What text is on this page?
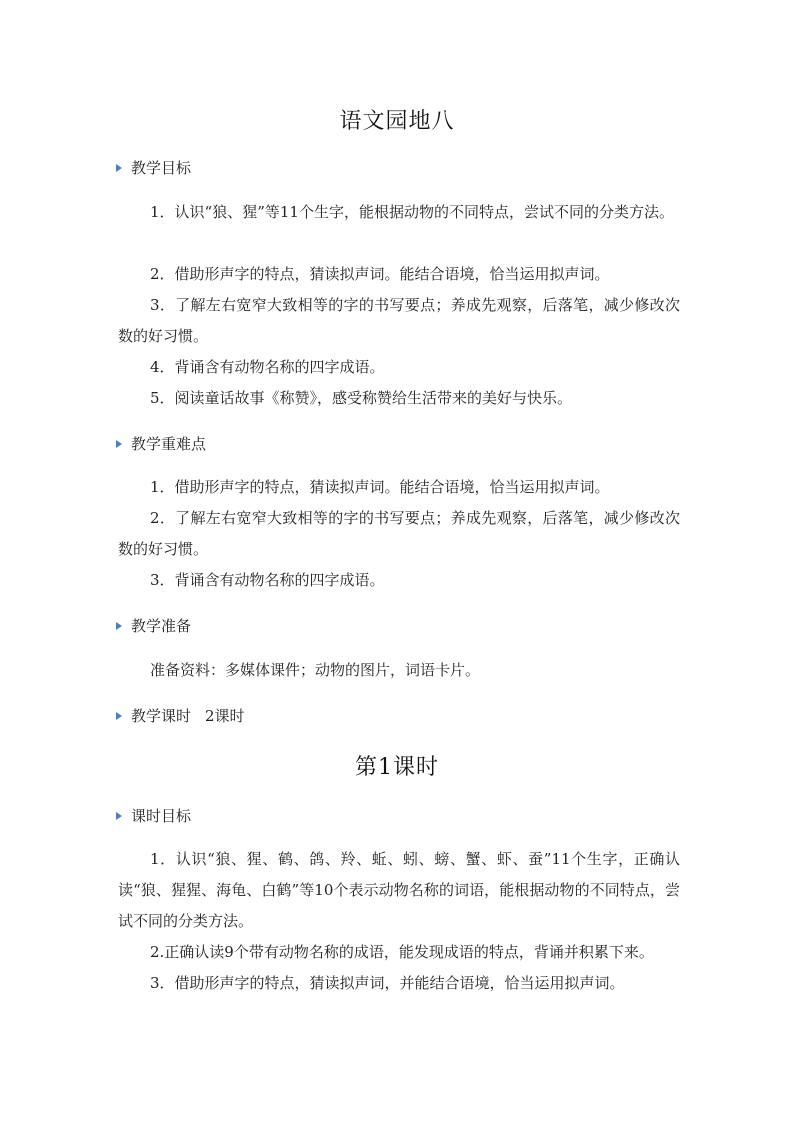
语文园地八
教学目标
1．认识“狼、猩”等11个生字，能根据动物的不同特点，尝试不同的分类方法。
2．借助形声字的特点，猜读拟声词。能结合语境，恰当运用拟声词。
3．了解左右宽窄大致相等的字的书写要点；养成先观察，后落笔，减少修改次数的好习惯。
4．背诵含有动物名称的四字成语。
5．阅读童话故事《称赞》，感受称赞给生活带来的美好与快乐。
教学重难点
1．借助形声字的特点，猜读拟声词。能结合语境，恰当运用拟声词。
2．了解左右宽窄大致相等的字的书写要点；养成先观察，后落笔，减少修改次数的好习惯。
3．背诵含有动物名称的四字成语。
教学准备
准备资料：多媒体课件；动物的图片，词语卡片。
教学课时 2课时
第1课时
课时目标
1．认识“狼、猩、鹤、鸽、羚、蚯、蚓、螃、蟹、虾、蚕”11个生字，正确认读“狼、猩猩、海龟、白鹤”等10个表示动物名称的词语，能根据动物的不同特点，尝试不同的分类方法。
2.正确认读9个带有动物名称的成语，能发现成语的特点，背诵并积累下来。
3．借助形声字的特点，猜读拟声词，并能结合语境，恰当运用拟声词。
